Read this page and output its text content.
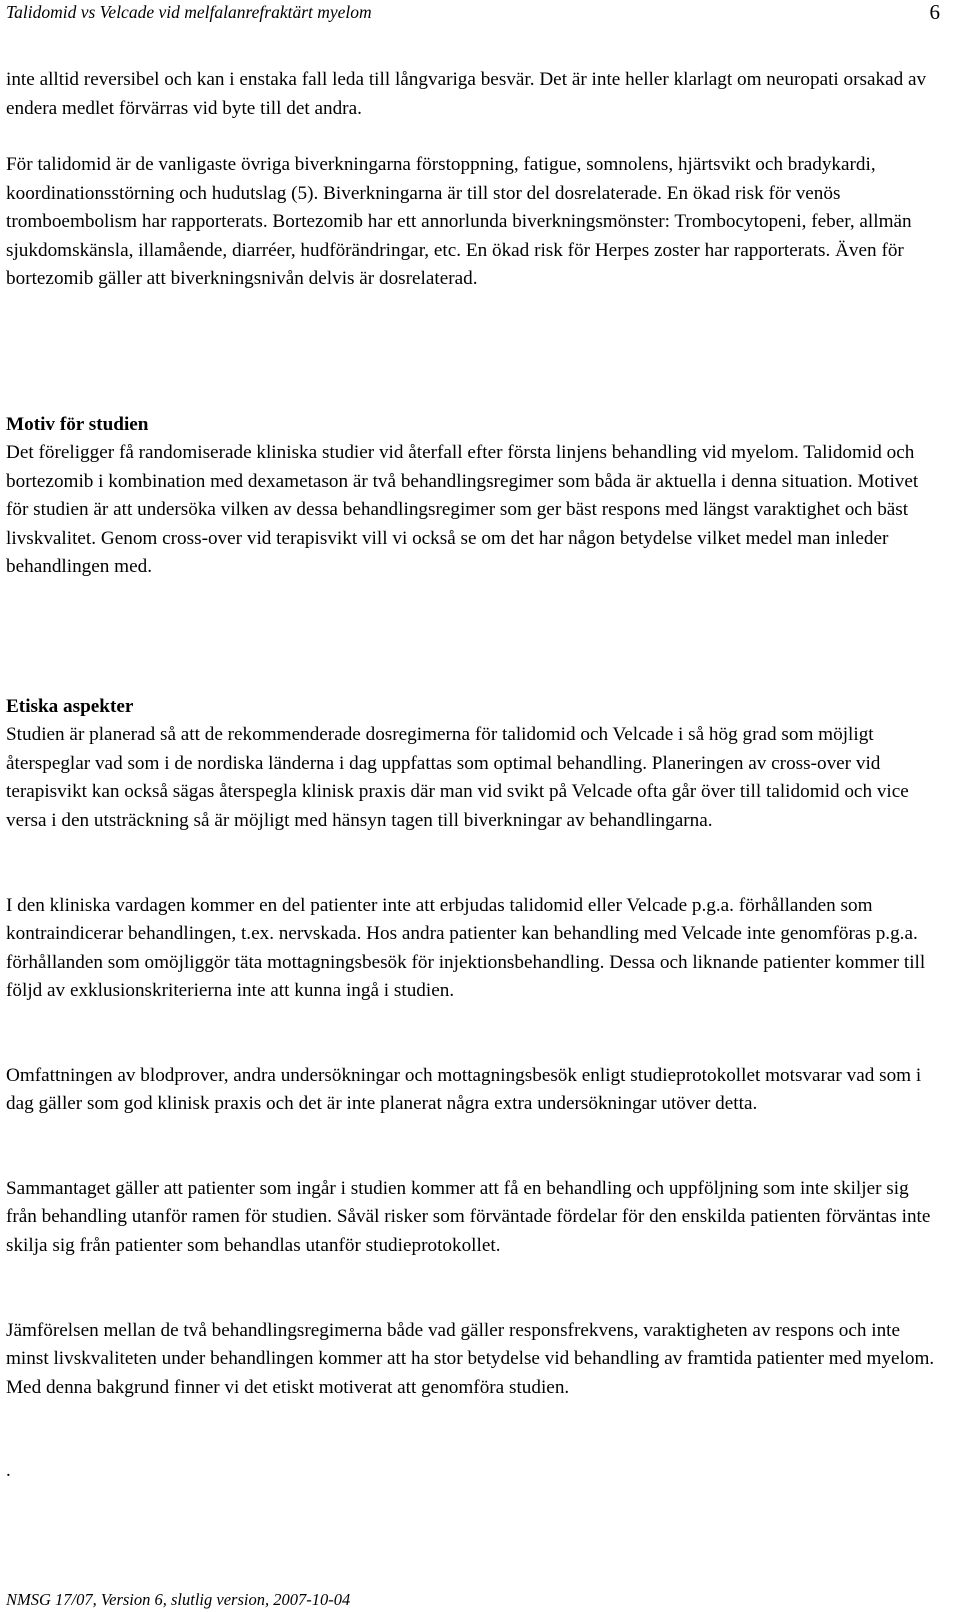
Talidomid vs Velcade vid melfalanrefraktärt myelom	6
inte alltid reversibel och kan i enstaka fall leda till långvariga besvär. Det är inte heller klarlagt om neuropati orsakad av endera medlet förvärras vid byte till det andra.
För talidomid är de vanligaste övriga biverkningarna förstoppning, fatigue, somnolens, hjärtsvikt och bradykardi, koordinationsstörning och hudutslag (5). Biverkningarna är till stor del dosrelaterade. En ökad risk för venös tromboembolism har rapporterats. Bortezomib har ett annorlunda biverkningsmönster: Trombocytopeni, feber, allmän sjukdomskänsla, illamående, diarréer, hudförändringar, etc. En ökad risk för Herpes zoster har rapporterats. Även för bortezomib gäller att biverkningsnivån delvis är dosrelaterad.

Motiv för studien

Det föreligger få randomiserade kliniska studier vid återfall efter första linjens behandling vid myelom. Talidomid och bortezomib i kombination med dexametason är två behandlingsregimer som båda är aktuella i denna situation. Motivet för studien är att undersöka vilken av dessa behandlingsregimer som ger bäst respons med längst varaktighet och bäst livskvalitet. Genom cross-over vid terapisvikt vill vi också se om det har någon betydelse vilket medel man inleder behandlingen med.

Etiska aspekter

Studien är planerad så att de rekommenderade dosregimerna för talidomid och Velcade i så hög grad som möjligt återspeglar vad som i de nordiska länderna i dag uppfattas som optimal behandling. Planeringen av cross-over vid terapisvikt kan också sägas återspegla klinisk praxis där man vid svikt på Velcade ofta går över till talidomid och vice versa i den utsträckning så är möjligt med hänsyn tagen till biverkningar av behandlingarna.

I den kliniska vardagen kommer en del patienter inte att erbjudas talidomid eller Velcade p.g.a. förhållanden som kontraindicerar behandlingen, t.ex. nervskada. Hos andra patienter kan behandling med Velcade inte genomföras p.g.a. förhållanden som omöjliggör täta mottagningsbesök för injektionsbehandling. Dessa och liknande patienter kommer till följd av exklusionskriterierna inte att kunna ingå i studien.
Omfattningen av blodprover, andra undersökningar och mottagningsbesök enligt studieprotokollet motsvarar vad som i dag gäller som god klinisk praxis och det är inte planerat några extra undersökningar utöver detta.
Sammantaget gäller att patienter som ingår i studien kommer att få en behandling och uppföljning som inte skiljer sig från behandling utanför ramen för studien. Såväl risker som förväntade fördelar för den enskilda patienten förväntas inte skilja sig från patienter som behandlas utanför studieprotokollet.
Jämförelsen mellan de två behandlingsregimerna både vad gäller responsfrekvens, varaktigheten av respons och inte minst livskvaliteten under behandlingen kommer att ha stor betydelse vid behandling av framtida patienter med myelom. Med denna bakgrund finner vi det etiskt motiverat att genomföra studien.
.
NMSG 17/07, Version 6, slutlig version, 2007-10-04
